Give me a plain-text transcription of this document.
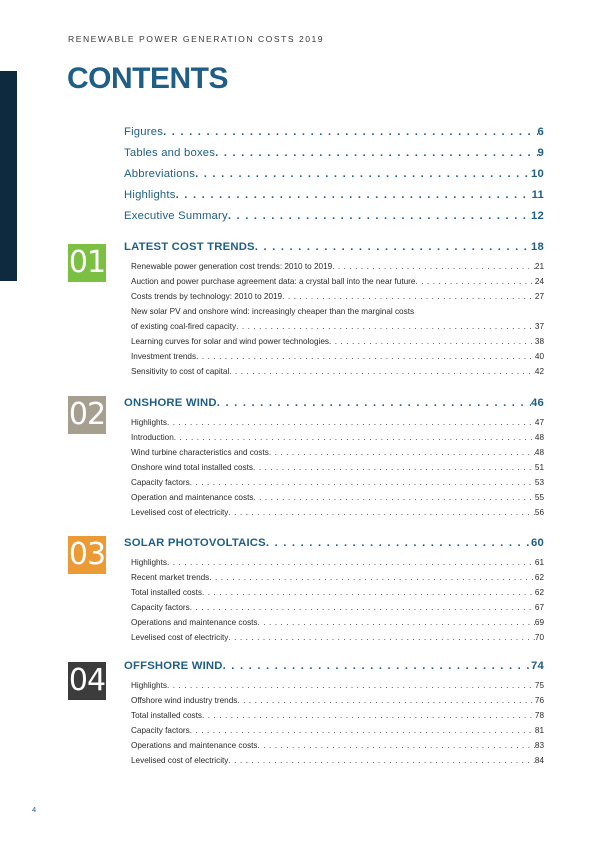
RENEWABLE POWER GENERATION COSTS 2019
CONTENTS
Figures . . .	6
Tables and boxes . . .	9
Abbreviations . . .	10
Highlights . . .	11
Executive Summary . . .	12
01 LATEST COST TRENDS . . .	18
Renewable power generation cost trends: 2010 to 2019 . . .	21
Auction and power purchase agreement data: a crystal ball into the near future . . .	24
Costs trends by technology: 2010 to 2019 . . .	27
New solar PV and onshore wind: increasingly cheaper than the marginal costs
of existing coal-fired capacity . . .	37
Learning curves for solar and wind power technologies . . .	38
Investment trends . . .	40
Sensitivity to cost of capital . . .	42
02 ONSHORE WIND . . .	46
Highlights . . .	47
Introduction . . .	48
Wind turbine characteristics and costs . . .	48
Onshore wind total installed costs . . .	51
Capacity factors . . .	53
Operation and maintenance costs . . .	55
Levelised cost of electricity . . .	56
03 SOLAR PHOTOVOLTAICS . . .	60
Highlights . . .	61
Recent market trends . . .	62
Total installed costs . . .	62
Capacity factors . . .	67
Operations and maintenance costs . . .	69
Levelised cost of electricity . . .	70
04 OFFSHORE WIND . . .	74
Highlights . . .	75
Offshore wind industry trends . . .	76
Total installed costs . . .	78
Capacity factors . . .	81
Operations and maintenance costs . . .	83
Levelised cost of electricity . . .	84
4
